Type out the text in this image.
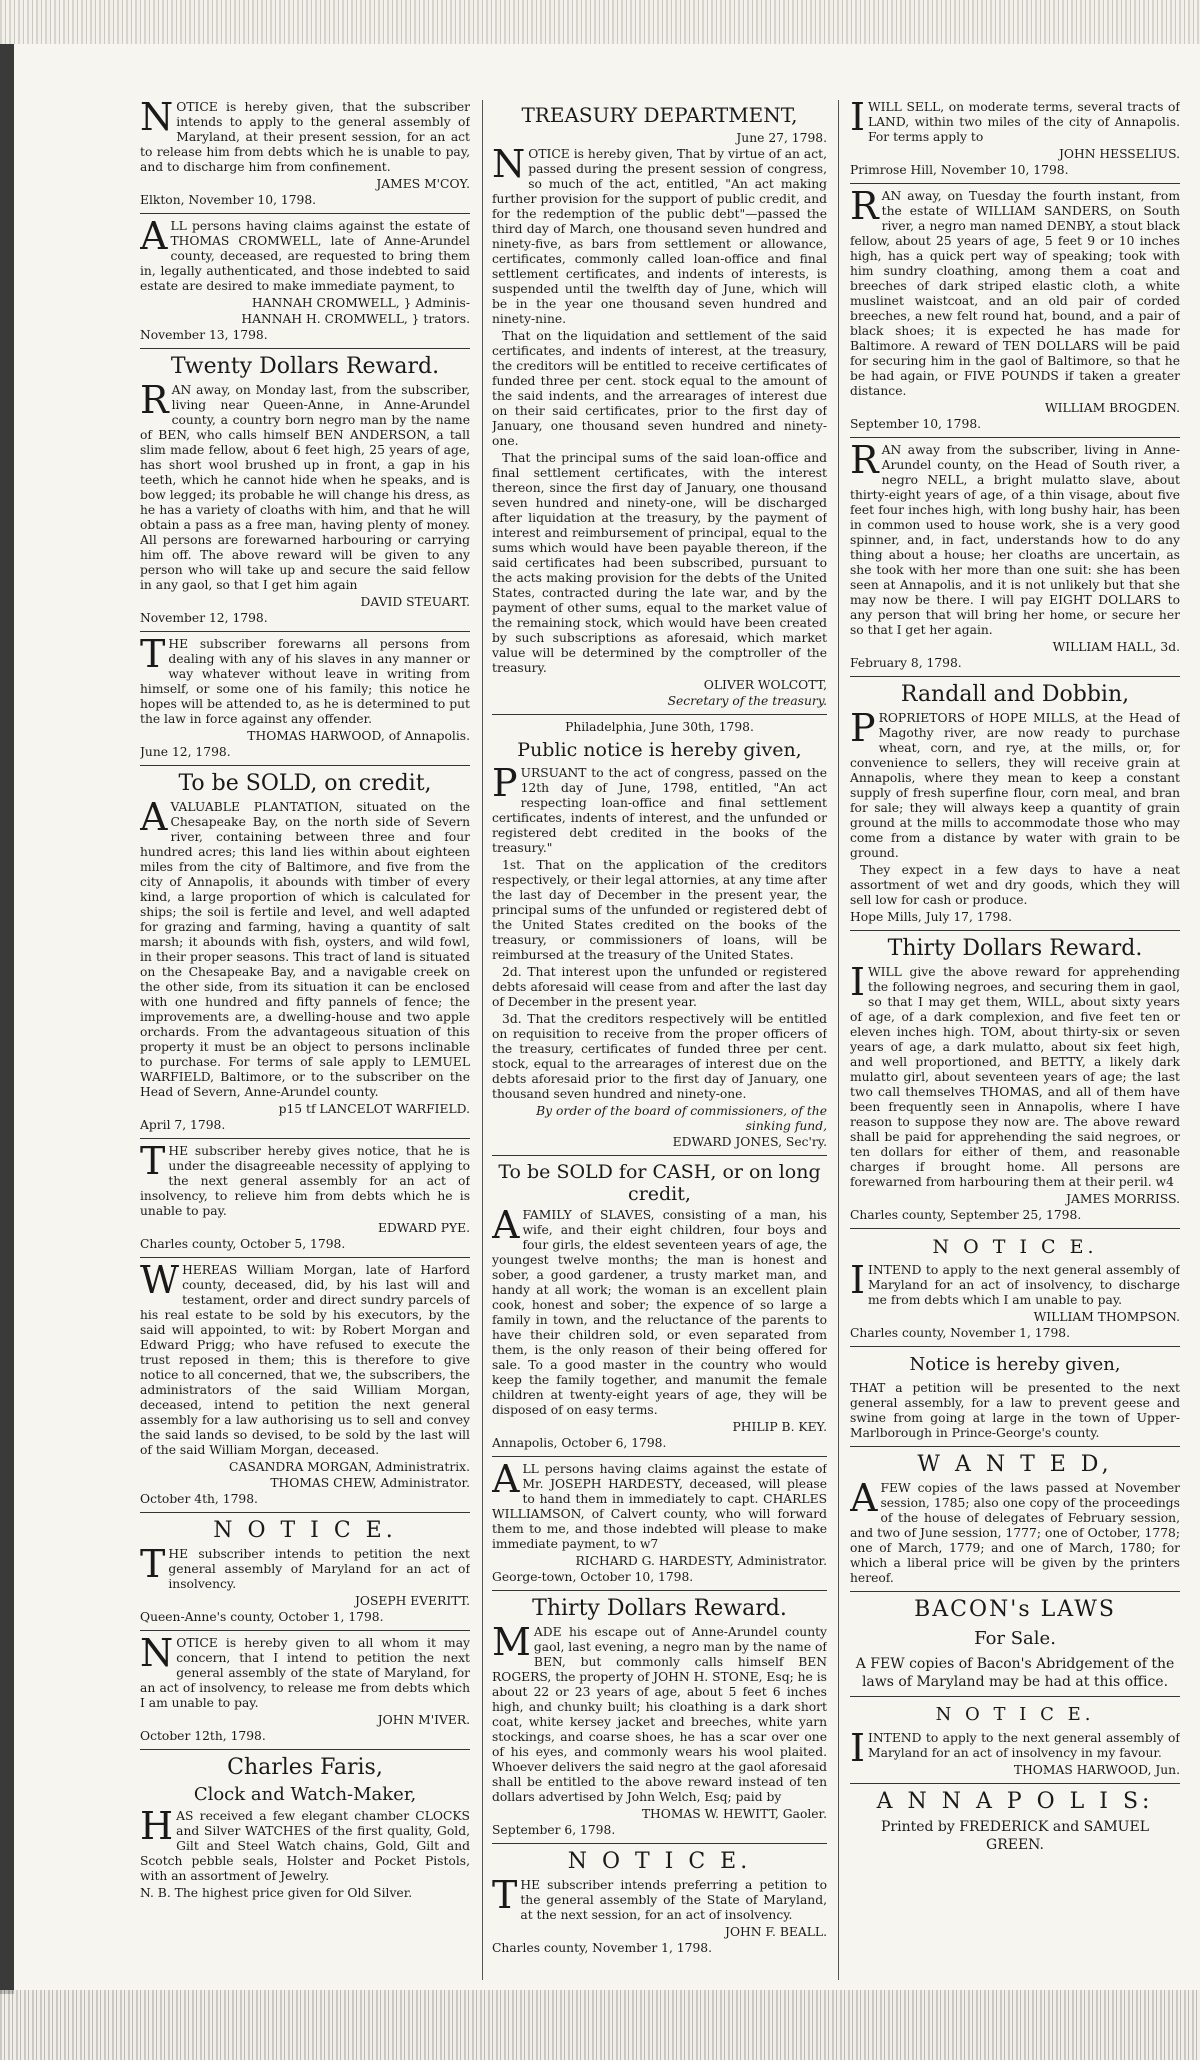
NOTICE is hereby given, that the subscriber intends to apply to the general assembly of Maryland, at their present session, for an act to release him from debts which he is unable to pay, and to discharge him from confinement.

JAMES M'COY.
Elkton, November 10, 1798.

ALL persons having claims against the estate of THOMAS CROMWELL, late of Anne-Arundel county, deceased, are requested to bring them in, legally authenticated, and those indebted to said estate are desired to make immediate payment, to

HANNAH CROMWELL, } Adminis-
HANNAH H. CROMWELL, } trators.
November 13, 1798.
Twenty Dollars Reward.

RAN away, on Monday last, from the subscriber, living near Queen-Anne, in Anne-Arundel county, a country born negro man by the name of BEN, who calls himself BEN ANDERSON, a tall slim made fellow, about 6 feet high, 25 years of age, has short wool brushed up in front, a gap in his teeth, which he cannot hide when he speaks, and is bow legged; its probable he will change his dress, as he has a variety of cloaths with him, and that he will obtain a pass as a free man, having plenty of money. All persons are forewarned harbouring or carrying him off. The above reward will be given to any person who will take up and secure the said fellow in any gaol, so that I get him again

DAVID STEUART.
November 12, 1798.

THE subscriber forewarns all persons from dealing with any of his slaves in any manner or way whatever without leave in writing from himself, or some one of his family; this notice he hopes will be attended to, as he is determined to put the law in force against any offender.

THOMAS HARWOOD, of Annapolis.
June 12, 1798.
To be SOLD, on credit,

AVALUABLE PLANTATION, situated on the Chesapeake Bay, on the north side of Severn river, containing between three and four hundred acres; this land lies within about eighteen miles from the city of Baltimore, and five from the city of Annapolis, it abounds with timber of every kind, a large proportion of which is calculated for ships; the soil is fertile and level, and well adapted for grazing and farming, having a quantity of salt marsh; it abounds with fish, oysters, and wild fowl, in their proper seasons. This tract of land is situated on the Chesapeake Bay, and a navigable creek on the other side, from its situation it can be enclosed with one hundred and fifty pannels of fence; the improvements are, a dwelling-house and two apple orchards. From the advantageous situation of this property it must be an object to persons inclinable to purchase. For terms of sale apply to LEMUEL WARFIELD, Baltimore, or to the subscriber on the Head of Severn, Anne-Arundel county.

p15 tf LANCELOT WARFIELD.
April 7, 1798.

THE subscriber hereby gives notice, that he is under the disagreeable necessity of applying to the next general assembly for an act of insolvency, to relieve him from debts which he is unable to pay.

EDWARD PYE.
Charles county, October 5, 1798.

WHEREAS William Morgan, late of Harford county, deceased, did, by his last will and testament, order and direct sundry parcels of his real estate to be sold by his executors, by the said will appointed, to wit: by Robert Morgan and Edward Prigg; who have refused to execute the trust reposed in them; this is therefore to give notice to all concerned, that we, the subscribers, the administrators of the said William Morgan, deceased, intend to petition the next general assembly for a law authorising us to sell and convey the said lands so devised, to be sold by the last will of the said William Morgan, deceased.

CASANDRA MORGAN, Administratrix.
THOMAS CHEW, Administrator.
October 4th, 1798.
N O T I C E.

THE subscriber intends to petition the next general assembly of Maryland for an act of insolvency.

JOSEPH EVERITT.
Queen-Anne's county, October 1, 1798.

NOTICE is hereby given to all whom it may concern, that I intend to petition the next general assembly of the state of Maryland, for an act of insolvency, to release me from debts which I am unable to pay.

JOHN M'IVER.
October 12th, 1798.
Charles Faris,
Clock and Watch-Maker,

HAS received a few elegant chamber CLOCKS and Silver WATCHES of the first quality, Gold, Gilt and Steel Watch chains, Gold, Gilt and Scotch pebble seals, Holster and Pocket Pistols, with an assortment of Jewelry.

N. B. The highest price given for Old Silver.
TREASURY DEPARTMENT,
June 27, 1798.

NOTICE is hereby given, That by virtue of an act, passed during the present session of congress, so much of the act, entitled, "An act making further provision for the support of public credit, and for the redemption of the public debt"—passed the third day of March, one thousand seven hundred and ninety-five, as bars from settlement or allowance, certificates, commonly called loan-office and final settlement certificates, and indents of interests, is suspended until the twelfth day of June, which will be in the year one thousand seven hundred and ninety-nine.

That on the liquidation and settlement of the said certificates, and indents of interest, at the treasury, the creditors will be entitled to receive certificates of funded three per cent. stock equal to the amount of the said indents, and the arrearages of interest due on their said certificates, prior to the first day of January, one thousand seven hundred and ninety-one.

That the principal sums of the said loan-office and final settlement certificates, with the interest thereon, since the first day of January, one thousand seven hundred and ninety-one, will be discharged after liquidation at the treasury, by the payment of interest and reimbursement of principal, equal to the sums which would have been payable thereon, if the said certificates had been subscribed, pursuant to the acts making provision for the debts of the United States, contracted during the late war, and by the payment of other sums, equal to the market value of the remaining stock, which would have been created by such subscriptions as aforesaid, which market value will be determined by the comptroller of the treasury.

OLIVER WOLCOTT,
Secretary of the treasury.
Philadelphia, June 30th, 1798.
Public notice is hereby given,

PURSUANT to the act of congress, passed on the 12th day of June, 1798, entitled, "An act respecting loan-office and final settlement certificates, indents of interest, and the unfunded or registered debt credited in the books of the treasury."

1st. That on the application of the creditors respectively, or their legal attornies, at any time after the last day of December in the present year, the principal sums of the unfunded or registered debt of the United States credited on the books of the treasury, or commissioners of loans, will be reimbursed at the treasury of the United States.

2d. That interest upon the unfunded or registered debts aforesaid will cease from and after the last day of December in the present year.

3d. That the creditors respectively will be entitled on requisition to receive from the proper officers of the treasury, certificates of funded three per cent. stock, equal to the arrearages of interest due on the debts aforesaid prior to the first day of January, one thousand seven hundred and ninety-one.

By order of the board of commissioners, of the sinking fund,
EDWARD JONES, Sec'ry.
To be SOLD for CASH, or on long credit,

AFAMILY of SLAVES, consisting of a man, his wife, and their eight children, four boys and four girls, the eldest seventeen years of age, the youngest twelve months; the man is honest and sober, a good gardener, a trusty market man, and handy at all work; the woman is an excellent plain cook, honest and sober; the expence of so large a family in town, and the reluctance of the parents to have their children sold, or even separated from them, is the only reason of their being offered for sale. To a good master in the country who would keep the family together, and manumit the female children at twenty-eight years of age, they will be disposed of on easy terms.

PHILIP B. KEY.
Annapolis, October 6, 1798.

ALL persons having claims against the estate of Mr. JOSEPH HARDESTY, deceased, will please to hand them in immediately to capt. CHARLES WILLIAMSON, of Calvert county, who will forward them to me, and those indebted will please to make immediate payment, to w7

RICHARD G. HARDESTY, Administrator.
George-town, October 10, 1798.
Thirty Dollars Reward.

MADE his escape out of Anne-Arundel county gaol, last evening, a negro man by the name of BEN, but commonly calls himself BEN ROGERS, the property of JOHN H. STONE, Esq; he is about 22 or 23 years of age, about 5 feet 6 inches high, and chunky built; his cloathing is a dark short coat, white kersey jacket and breeches, white yarn stockings, and coarse shoes, he has a scar over one of his eyes, and commonly wears his wool plaited. Whoever delivers the said negro at the gaol aforesaid shall be entitled to the above reward instead of ten dollars advertised by John Welch, Esq; paid by

THOMAS W. HEWITT, Gaoler.
September 6, 1798.
N O T I C E.

THE subscriber intends preferring a petition to the general assembly of the State of Maryland, at the next session, for an act of insolvency.

JOHN F. BEALL.
Charles county, November 1, 1798.

IWILL SELL, on moderate terms, several tracts of LAND, within two miles of the city of Annapolis. For terms apply to

JOHN HESSELIUS.
Primrose Hill, November 10, 1798.

RAN away, on Tuesday the fourth instant, from the estate of WILLIAM SANDERS, on South river, a negro man named DENBY, a stout black fellow, about 25 years of age, 5 feet 9 or 10 inches high, has a quick pert way of speaking; took with him sundry cloathing, among them a coat and breeches of dark striped elastic cloth, a white muslinet waistcoat, and an old pair of corded breeches, a new felt round hat, bound, and a pair of black shoes; it is expected he has made for Baltimore. A reward of TEN DOLLARS will be paid for securing him in the gaol of Baltimore, so that he be had again, or FIVE POUNDS if taken a greater distance.

WILLIAM BROGDEN.
September 10, 1798.

RAN away from the subscriber, living in Anne-Arundel county, on the Head of South river, a negro NELL, a bright mulatto slave, about thirty-eight years of age, of a thin visage, about five feet four inches high, with long bushy hair, has been in common used to house work, she is a very good spinner, and, in fact, understands how to do any thing about a house; her cloaths are uncertain, as she took with her more than one suit: she has been seen at Annapolis, and it is not unlikely but that she may now be there. I will pay EIGHT DOLLARS to any person that will bring her home, or secure her so that I get her again.

WILLIAM HALL, 3d.
February 8, 1798.
Randall and Dobbin,

PROPRIETORS of HOPE MILLS, at the Head of Magothy river, are now ready to purchase wheat, corn, and rye, at the mills, or, for convenience to sellers, they will receive grain at Annapolis, where they mean to keep a constant supply of fresh superfine flour, corn meal, and bran for sale; they will always keep a quantity of grain ground at the mills to accommodate those who may come from a distance by water with grain to be ground.

They expect in a few days to have a neat assortment of wet and dry goods, which they will sell low for cash or produce.

Hope Mills, July 17, 1798.
Thirty Dollars Reward.

IWILL give the above reward for apprehending the following negroes, and securing them in gaol, so that I may get them, WILL, about sixty years of age, of a dark complexion, and five feet ten or eleven inches high. TOM, about thirty-six or seven years of age, a dark mulatto, about six feet high, and well proportioned, and BETTY, a likely dark mulatto girl, about seventeen years of age; the last two call themselves THOMAS, and all of them have been frequently seen in Annapolis, where I have reason to suppose they now are. The above reward shall be paid for apprehending the said negroes, or ten dollars for either of them, and reasonable charges if brought home. All persons are forewarned from harbouring them at their peril. w4

JAMES MORRISS.
Charles county, September 25, 1798.
N O T I C E.

IINTEND to apply to the next general assembly of Maryland for an act of insolvency, to discharge me from debts which I am unable to pay.

WILLIAM THOMPSON.
Charles county, November 1, 1798.
Notice is hereby given,

THAT a petition will be presented to the next general assembly, for a law to prevent geese and swine from going at large in the town of Upper-Marlborough in Prince-George's county.

W A N T E D,

AFEW copies of the laws passed at November session, 1785; also one copy of the proceedings of the house of delegates of February session, and two of June session, 1777; one of October, 1778; one of March, 1779; and one of March, 1780; for which a liberal price will be given by the printers hereof.

BACON's LAWS
For Sale.

A FEW copies of Bacon's Abridgement of the laws of Maryland may be had at this office.

N O T I C E.

IINTEND to apply to the next general assembly of Maryland for an act of insolvency in my favour.

THOMAS HARWOOD, Jun.
A N N A P O L I S:
Printed by FREDERICK and SAMUEL GREEN.
